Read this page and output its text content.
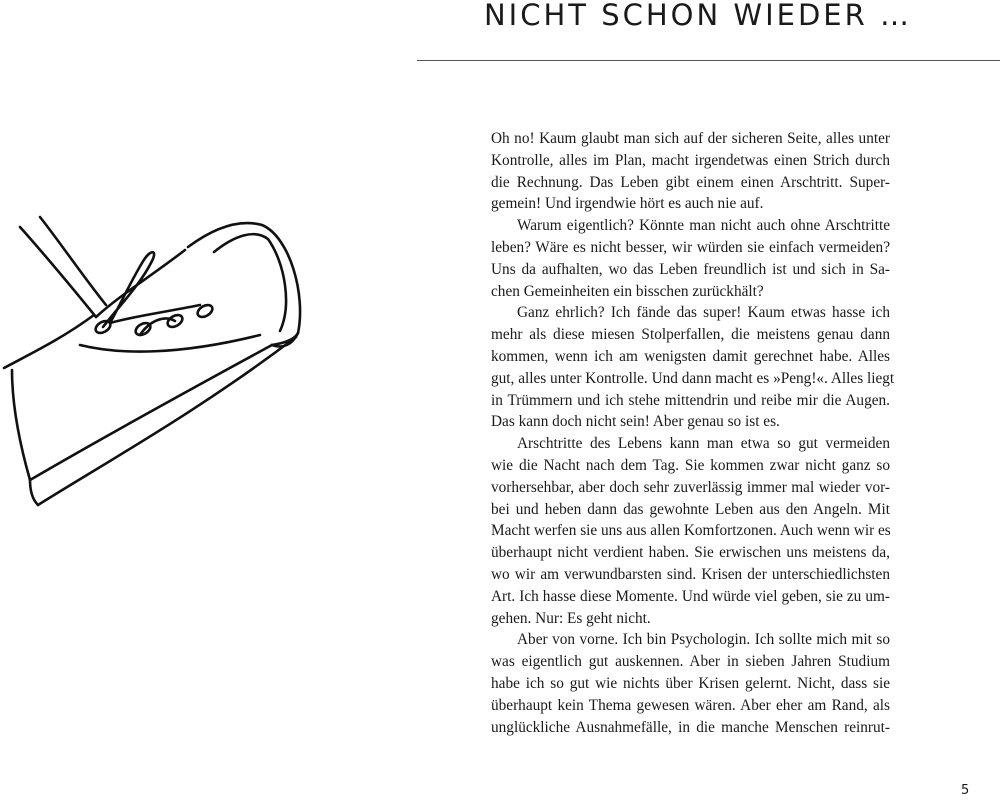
NICHT SCHON WIEDER …
Oh no! Kaum glaubt man sich auf der sicheren Seite, alles unter
Kontrolle, alles im Plan, macht irgendetwas einen Strich durch
die Rechnung. Das Leben gibt einem einen Arschtritt. Super-
gemein! Und irgendwie hört es auch nie auf.
Warum eigentlich? Könnte man nicht auch ohne Arschtritte
leben? Wäre es nicht besser, wir würden sie einfach vermeiden?
Uns da aufhalten, wo das Leben freundlich ist und sich in Sa-
chen Gemeinheiten ein bisschen zurückhält?
Ganz ehrlich? Ich fände das super! Kaum etwas hasse ich
mehr als diese miesen Stolperfallen, die meistens genau dann
kommen, wenn ich am wenigsten damit gerechnet habe. Alles
gut, alles unter Kontrolle. Und dann macht es »Peng!«. Alles liegt
in Trümmern und ich stehe mittendrin und reibe mir die Augen.
Das kann doch nicht sein! Aber genau so ist es.
Arschtritte des Lebens kann man etwa so gut vermeiden
wie die Nacht nach dem Tag. Sie kommen zwar nicht ganz so
vorhersehbar, aber doch sehr zuverlässig immer mal wieder vor-
bei und heben dann das gewohnte Leben aus den Angeln. Mit
Macht werfen sie uns aus allen Komfortzonen. Auch wenn wir es
überhaupt nicht verdient haben. Sie erwischen uns meistens da,
wo wir am verwundbarsten sind. Krisen der unterschiedlichsten
Art. Ich hasse diese Momente. Und würde viel geben, sie zu um-
gehen. Nur: Es geht nicht.
Aber von vorne. Ich bin Psychologin. Ich sollte mich mit so
was eigentlich gut auskennen. Aber in sieben Jahren Studium
habe ich so gut wie nichts über Krisen gelernt. Nicht, dass sie
überhaupt kein Thema gewesen wären. Aber eher am Rand, als
unglückliche Ausnahmefälle, in die manche Menschen reinrut-
5
